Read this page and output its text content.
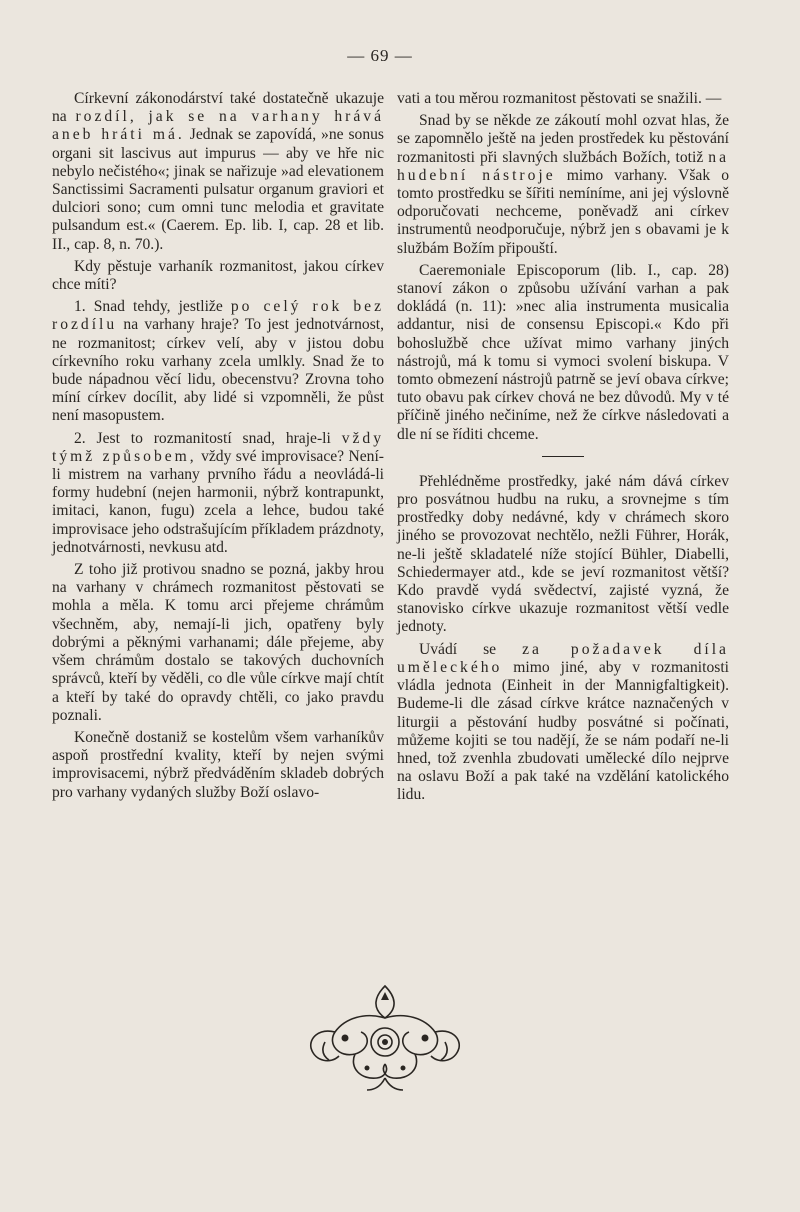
— 69 —

Církevní zákonodárství také dostatečně ukazuje na rozdíl, jak se na varhany hrává aneb hráti má. Jednak se zapovídá, »ne sonus organi sit lascivus aut impurus — aby ve hře nic nebylo nečistého«; jinak se nařizuje »ad elevationem Sanctissimi Sacramenti pulsatur organum graviori et dulciori sono; cum omni tunc melodia et gravitate pulsandum est.« (Caerem. Ep. lib. I, cap. 28 et lib. II., cap. 8, n. 70.).

Kdy pěstuje varhaník rozmanitost, jakou církev chce míti?

1. Snad tehdy, jestliže po celý rok bez rozdílu na varhany hraje? To jest jednotvárnost, ne rozmanitost; církev velí, aby v jistou dobu církevního roku varhany zcela umlkly. Snad že to bude nápadnou věcí lidu, obecenstvu? Zrovna toho míní církev docílit, aby lidé si vzpomněli, že půst není masopustem.

2. Jest to rozmanitostí snad, hraje-li vždy týmž způsobem, vždy své improvisace? Není-li mistrem na varhany prvního řádu a neovládá-li formy hudební (nejen harmonii, nýbrž kontrapunkt, imitaci, kanon, fugu) zcela a lehce, budou také improvisace jeho odstrašujícím příkladem prázdnoty, jednotvárnosti, nevkusu atd.

Z toho již protivou snadno se pozná, jakby hrou na varhany v chrámech rozmanitost pěstovati se mohla a měla. K tomu arci přejeme chrámům všechněm, aby, nemají-li jich, opatřeny byly dobrými a pěknými varhanami; dále přejeme, aby všem chrámům dostalo se takových duchovních správců, kteří by věděli, co dle vůle církve mají chtít a kteří by také do opravdy chtěli, co jako pravdu poznali.

Konečně dostaniž se kostelům všem varhaníkův aspoň prostřední kvality, kteří by nejen svými improvisacemi, nýbrž předváděním skladeb dobrých pro varhany vydaných služby Boží oslavo-

vati a tou měrou rozmanitost pěstovati se snažili. —

Snad by se někde ze zákoutí mohl ozvat hlas, že se zapomnělo ještě na jeden prostředek ku pěstování rozmanitosti při slavných službách Božích, totiž na hudební nástroje mimo varhany. Však o tomto prostředku se šířiti nemíníme, ani jej výslovně odporučovati nechceme, poněvadž ani církev instrumentů neodporučuje, nýbrž jen s obavami je k službám Božím připouští.

Caeremoniale Episcoporum (lib. I., cap. 28) stanoví zákon o způsobu užívání varhan a pak dokládá (n. 11): »nec alia instrumenta musicalia addantur, nisi de consensu Episcopi.« Kdo při bohoslužbě chce užívat mimo varhany jiných nástrojů, má k tomu si vymoci svolení biskupa. V tomto obmezení nástrojů patrně se jeví obava církve; tuto obavu pak církev chová ne bez důvodů. My v té příčině jiného nečiníme, než že církve následovati a dle ní se říditi chceme.

Přehlédněme prostředky, jaké nám dává církev pro posvátnou hudbu na ruku, a srovnejme s tím prostředky doby nedávné, kdy v chrámech skoro jiného se provozovat nechtělo, nežli Führer, Horák, ne-li ještě skladatelé níže stojící Bühler, Diabelli, Schiedermayer atd., kde se jeví rozmanitost větší? Kdo pravdě vydá svědectví, zajisté vyzná, že stanovisko církve ukazuje rozmanitost větší vedle jednoty.

Uvádí se za požadavek díla uměleckého mimo jiné, aby v rozmanitosti vládla jednota (Einheit in der Mannigfaltigkeit). Budeme-li dle zásad církve krátce naznačených v liturgii a pěstování hudby posvátné si počínati, můžeme kojiti se tou nadějí, že se nám podaří ne-li hned, tož zvenhla zbudovati umělecké dílo nejprve na oslavu Boží a pak také na vzdělání katolického lidu.
